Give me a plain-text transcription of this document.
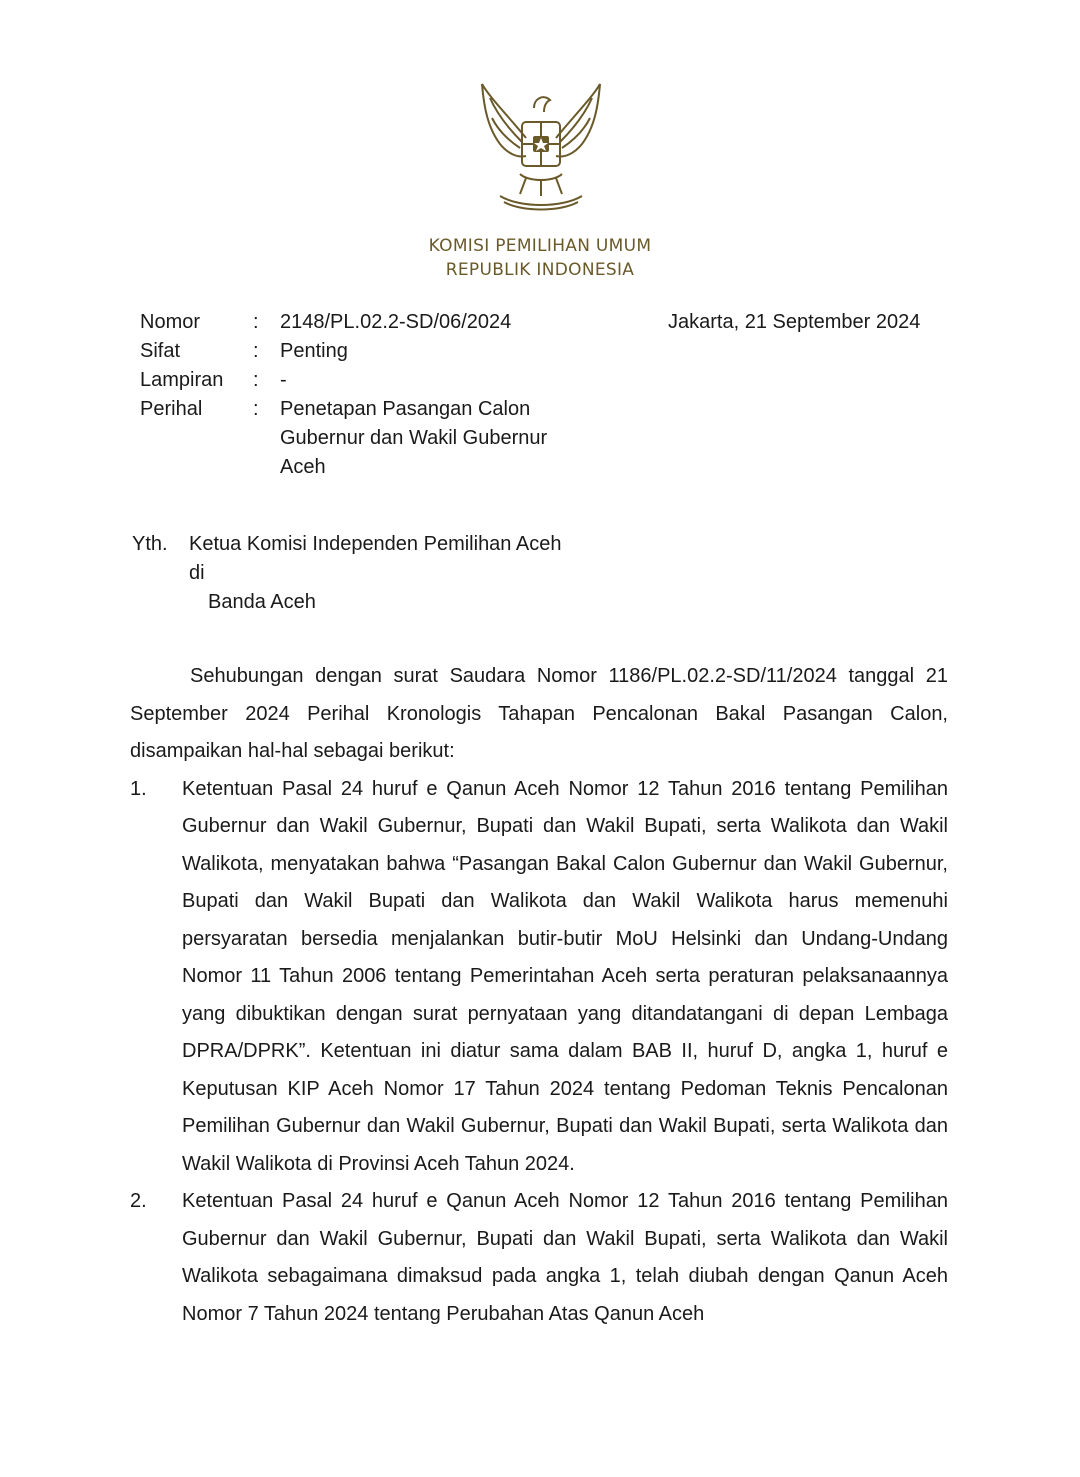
KOMISI PEMILIHAN UMUM
REPUBLIK INDONESIA
Nomor	:	2148/PL.02.2-SD/06/2024
Sifat	:	Penting
Lampiran	:	-
Perihal	:	Penetapan Pasangan Calon
Gubernur dan Wakil Gubernur
Aceh
Jakarta, 21 September 2024
Yth.	Ketua Komisi Independen Pemilihan Aceh
di
Banda Aceh

Sehubungan dengan surat Saudara Nomor 1186/PL.02.2-SD/11/2024 tanggal 21 September 2024 Perihal Kronologis Tahapan Pencalonan Bakal Pasangan Calon, disampaikan hal-hal sebagai berikut:

1.	Ketentuan Pasal 24 huruf e Qanun Aceh Nomor 12 Tahun 2016 tentang Pemilihan Gubernur dan Wakil Gubernur, Bupati dan Wakil Bupati, serta Walikota dan Wakil Walikota, menyatakan bahwa “Pasangan Bakal Calon Gubernur dan Wakil Gubernur, Bupati dan Wakil Bupati dan Walikota dan Wakil Walikota harus memenuhi persyaratan bersedia menjalankan butir-butir MoU Helsinki dan Undang-Undang Nomor 11 Tahun 2006 tentang Pemerintahan Aceh serta peraturan pelaksanaannya yang dibuktikan dengan surat pernyataan yang ditandatangani di depan Lembaga DPRA/DPRK”. Ketentuan ini diatur sama dalam BAB II, huruf D, angka 1, huruf e Keputusan KIP Aceh Nomor 17 Tahun 2024 tentang Pedoman Teknis Pencalonan Pemilihan Gubernur dan Wakil Gubernur, Bupati dan Wakil Bupati, serta Walikota dan Wakil Walikota di Provinsi Aceh Tahun 2024.
2.	Ketentuan Pasal 24 huruf e Qanun Aceh Nomor 12 Tahun 2016 tentang Pemilihan Gubernur dan Wakil Gubernur, Bupati dan Wakil Bupati, serta Walikota dan Wakil Walikota sebagaimana dimaksud pada angka 1, telah diubah dengan Qanun Aceh Nomor 7 Tahun 2024 tentang Perubahan Atas Qanun Aceh
